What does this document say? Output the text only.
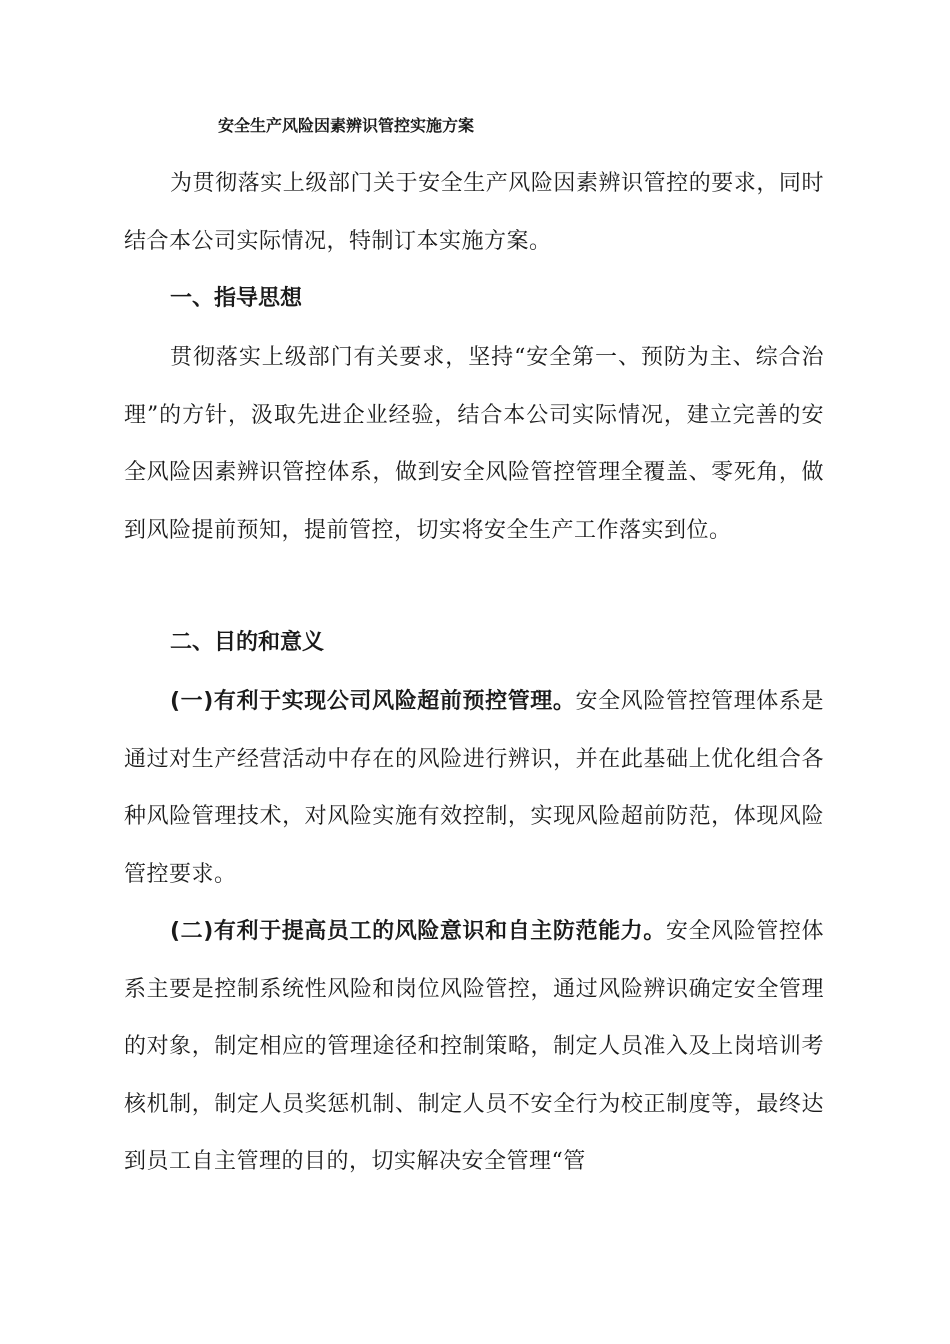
安全生产风险因素辨识管控实施方案

为贯彻落实上级部门关于安全生产风险因素辨识管控的要求，同时结合本公司实际情况，特制订本实施方案。

一、指导思想

贯彻落实上级部门有关要求，坚持“安全第一、预防为主、综合治理”的方针，汲取先进企业经验，结合本公司实际情况，建立完善的安全风险因素辨识管控体系，做到安全风险管控管理全覆盖、零死角，做到风险提前预知，提前管控，切实将安全生产工作落实到位。

二、目的和意义

(一)有利于实现公司风险超前预控管理。安全风险管控管理体系是通过对生产经营活动中存在的风险进行辨识，并在此基础上优化组合各种风险管理技术，对风险实施有效控制，实现风险超前防范，体现风险管控要求。

(二)有利于提高员工的风险意识和自主防范能力。安全风险管控体系主要是控制系统性风险和岗位风险管控，通过风险辨识确定安全管理的对象，制定相应的管理途径和控制策略，制定人员准入及上岗培训考核机制，制定人员奖惩机制、制定人员不安全行为校正制度等，最终达到员工自主管理的目的，切实解决安全管理“管
